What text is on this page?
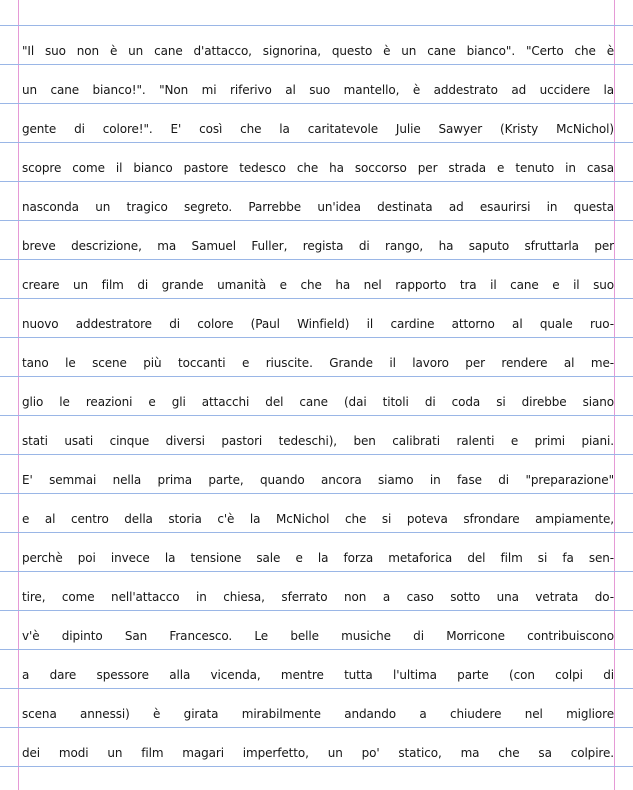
"Il suo non è un cane d'attacco, signorina, questo è un cane bianco". "Certo che è
un cane bianco!". "Non mi riferivo al suo mantello, è addestrato ad uccidere la
gente di colore!". E' così che la caritatevole Julie Sawyer (Kristy McNichol)
scopre come il bianco pastore tedesco che ha soccorso per strada e tenuto in casa
nasconda un tragico segreto. Parrebbe un'idea destinata ad esaurirsi in questa
breve descrizione, ma Samuel Fuller, regista di rango, ha saputo sfruttarla per
creare un film di grande umanità e che ha nel rapporto tra il cane e il suo
nuovo addestratore di colore (Paul Winfield) il cardine attorno al quale ruo-
tano le scene più toccanti e riuscite. Grande il lavoro per rendere al me-
glio le reazioni e gli attacchi del cane (dai titoli di coda si direbbe siano
stati usati cinque diversi pastori tedeschi), ben calibrati ralenti e primi piani.
E' semmai nella prima parte, quando ancora siamo in fase di "preparazione"
e al centro della storia c'è la McNichol che si poteva sfrondare ampiamente,
perchè poi invece la tensione sale e la forza metaforica del film si fa sen-
tire, come nell'attacco in chiesa, sferrato non a caso sotto una vetrata do-
v'è dipinto San Francesco. Le belle musiche di Morricone contribuiscono
a dare spessore alla vicenda, mentre tutta l'ultima parte (con colpi di
scena annessi) è girata mirabilmente andando a chiudere nel migliore
dei modi un film magari imperfetto, un po' statico, ma che sa colpire.
